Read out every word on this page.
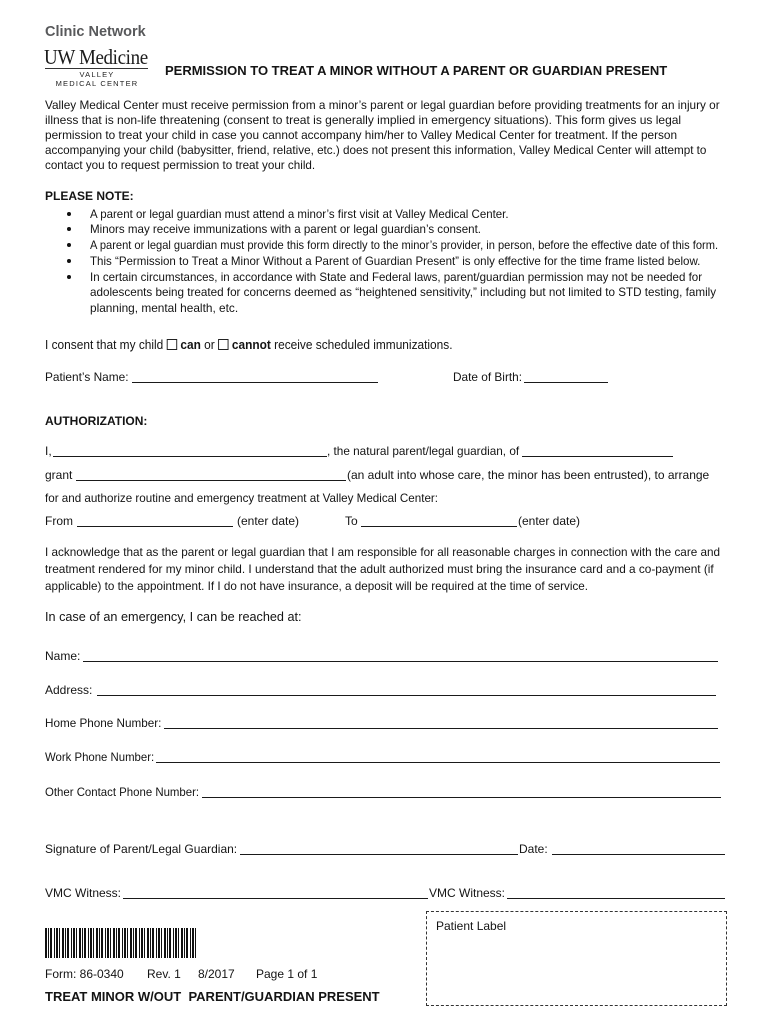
Clinic Network
UW Medicine
VALLEY
MEDICAL CENTER
PERMISSION TO TREAT A MINOR WITHOUT A PARENT OR GUARDIAN PRESENT
Valley Medical Center must receive permission from a minor’s parent or legal guardian before providing treatments for an injury or
illness that is non-life threatening (consent to treat is generally implied in emergency situations). This form gives us legal
permission to treat your child in case you cannot accompany him/her to Valley Medical Center for treatment. If the person
accompanying your child (babysitter, friend, relative, etc.) does not present this information, Valley Medical Center will attempt to
contact you to request permission to treat your child.
PLEASE NOTE:
A parent or legal guardian must attend a minor’s first visit at Valley Medical Center.
Minors may receive immunizations with a parent or legal guardian’s consent.
A parent or legal guardian must provide this form directly to the minor’s provider, in person, before the effective date of this form.
This “Permission to Treat a Minor Without a Parent of Guardian Present” is only effective for the time frame listed below.
In certain circumstances, in accordance with State and Federal laws, parent/guardian permission may not be needed for
adolescents being treated for concerns deemed as “heightened sensitivity,” including but not limited to STD testing, family
planning, mental health, etc.
I consent that my child can or cannot receive scheduled immunizations.
Patient’s Name:	Date of Birth:
AUTHORIZATION:
I,	, the natural parent/legal guardian, of
grant	(an adult into whose care, the minor has been entrusted), to arrange
for and authorize routine and emergency treatment at Valley Medical Center:
From	(enter date)	To	(enter date)
I acknowledge that as the parent or legal guardian that I am responsible for all reasonable charges in connection with the care and
treatment rendered for my minor child. I understand that the adult authorized must bring the insurance card and a co-payment (if
applicable) to the appointment. If I do not have insurance, a deposit will be required at the time of service.
In case of an emergency, I can be reached at:
Name:
Address:
Home Phone Number:
Work Phone Number:
Other Contact Phone Number:
Signature of Parent/Legal Guardian:	Date:
VMC Witness:	VMC Witness:
Patient Label
Form: 86-0340	Rev. 1 8/2017	Page 1 of 1
TREAT MINOR W/OUT  PARENT/GUARDIAN PRESENT
